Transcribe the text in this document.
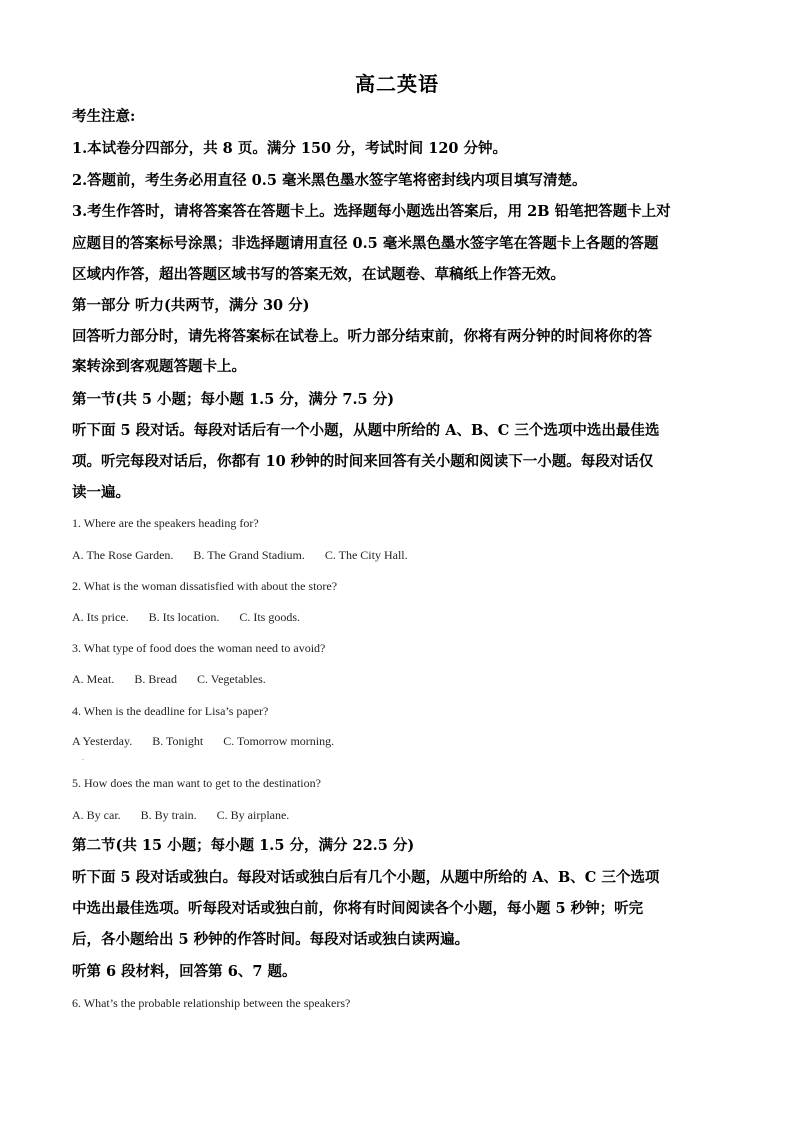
高二英语
考生注意:
1.本试卷分四部分，共 8 页。满分 150 分，考试时间 120 分钟。
2.答题前，考生务必用直径 0.5 毫米黑色墨水签字笔将密封线内项目填写清楚。
3.考生作答时，请将答案答在答题卡上。选择题每小题选出答案后，用 2B 铅笔把答题卡上对
应题目的答案标号涂黑；非选择题请用直径 0.5 毫米黑色墨水签字笔在答题卡上各题的答题
区域内作答，超出答题区域书写的答案无效，在试题卷、草稿纸上作答无效。
第一部分 听力(共两节，满分 30 分)
回答听力部分时，请先将答案标在试卷上。听力部分结束前，你将有两分钟的时间将你的答
案转涂到客观题答题卡上。
第一节(共 5 小题；每小题 1.5 分，满分 7.5 分)
听下面 5 段对话。每段对话后有一个小题，从题中所给的 A、B、C 三个选项中选出最佳选
项。听完每段对话后，你都有 10 秒钟的时间来回答有关小题和阅读下一小题。每段对话仅
读一遍。
1. Where are the speakers heading for?
A. The Rose Garden. B. The Grand Stadium. C. The City Hall.
2. What is the woman dissatisfied with about the store?
A. Its price. B. Its location. C. Its goods.
3. What type of food does the woman need to avoid?
A. Meat. B. Bread C. Vegetables.
4. When is the deadline for Lisa’s paper?
A Yesterday. B. Tonight C. Tomorrow morning.
·
5. How does the man want to get to the destination?
A. By car. B. By train. C. By airplane.
第二节(共 15 小题；每小题 1.5 分，满分 22.5 分)
听下面 5 段对话或独白。每段对话或独白后有几个小题，从题中所给的 A、B、C 三个选项
中选出最佳选项。听每段对话或独白前，你将有时间阅读各个小题，每小题 5 秒钟；听完
后，各小题给出 5 秒钟的作答时间。每段对话或独白读两遍。
听第 6 段材料，回答第 6、7 题。
6. What’s the probable relationship between the speakers?
